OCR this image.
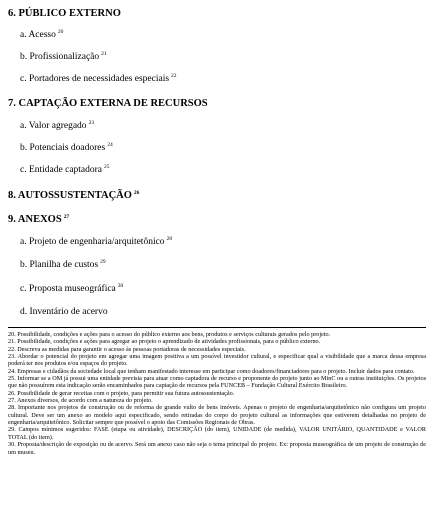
6. PÚBLICO EXTERNO
a. Acesso $^{20}$
b. Profissionalização $^{21}$
c. Portadores de necessidades especiais $^{22}$
7. CAPTAÇÃO EXTERNA DE RECURSOS
a. Valor agregado $^{23}$
b. Potenciais doadores $^{24}$
c. Entidade captadora $^{25}$
8. AUTOSSUSTENTAÇÃO $^{26}$
9. ANEXOS $^{27}$
a. Projeto de engenharia/arquitetônico $^{28}$
b. Planilha de custos $^{29}$
c. Proposta museográfica $^{30}$
d. Inventário de acervo

20. Possibilidade, condições e ações para o acesso do público externo aos bens, produtos e serviços culturais gerados pelo projeto.

21. Possibilidade, condições e ações para agregar ao projeto o aprendizado de atividades profissionais, para o público externo.

22. Descreva as medidas para garantir o acesso às pessoas portadoras de necessidades especiais.

23. Abordar o potencial do projeto em agregar uma imagem positiva a um possível investidor cultural, e especificar qual a visibilidade que a marca dessa empresa poderá ter nos produtos e/ou espaços do projeto.

24. Empresas e cidadãos da sociedade local que tenham manifestado interesse em participar como doadores/financiadores para o projeto. Incluir dados para contato.

25. Informar se a OM já possui uma entidade prevista para atuar como captadora de recurso e proponente do projeto junto ao MinC ou a outras instituições. Os projetos que não possuírem esta indicação serão encaminhados para captação de recursos pela FUNCEB – Fundação Cultural Exército Brasileiro.

26. Possibilidade de gerar receitas com o projeto, para permitir sua futura autossustentação.

27. Anexos diversos, de acordo com a natureza do projeto.

28. Importante nos projetos de construção ou de reforma de grande vulto de bens imóveis. Apenas o projeto de engenharia/arquitetônico não configura um projeto cultural. Deve ser um anexo ao modelo aqui especificado, sendo retiradas do corpo do projeto cultural as informações que estiverem detalhadas no projeto de engenharia/arquitetônico. Solicitar sempre que possível o apoio das Comissões Regionais de Obras.

29. Campos mínimos sugeridos: FASE (etapa ou atividade), DESCRIÇÃO (do item), UNIDADE (de medida), VALOR UNITÁRIO, QUANTIDADE e VALOR TOTAL (do item).

30. Proposta/descrição de exposição ou de acervo. Será um anexo caso não seja o tema principal do projeto. Ex: proposta museográfica de um projeto de construção de um museu.
